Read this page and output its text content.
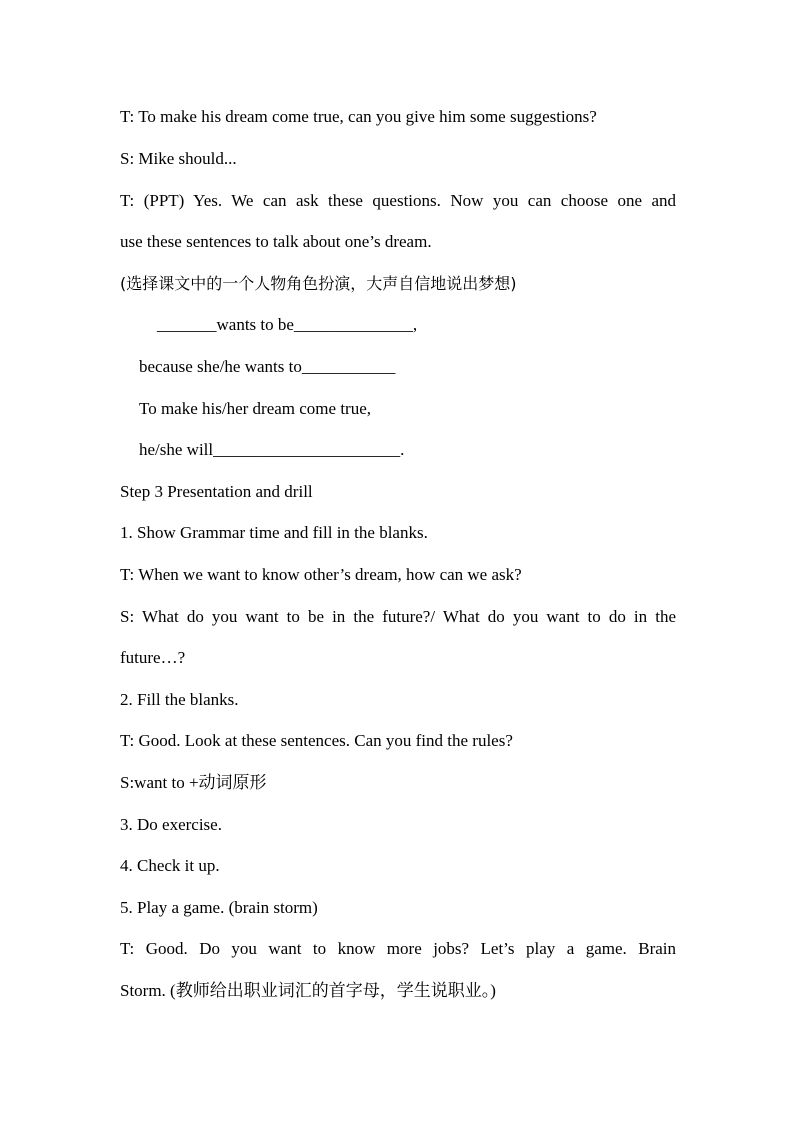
T: To make his dream come true, can you give him some suggestions?
S: Mike should...
T: (PPT) Yes. We can ask these questions. Now you can choose one and
use these sentences to talk about one’s dream.
(选择课文中的一个人物角色扮演，大声自信地说出梦想)
_______wants to be______________,
because she/he wants to___________
To make his/her dream come true,
he/she will______________________.
Step 3 Presentation and drill
1. Show Grammar time and fill in the blanks.
T: When we want to know other’s dream, how can we ask?
S: What do you want to be in the future?/ What do you want to do in the
future…?
2. Fill the blanks.
T: Good. Look at these sentences. Can you find the rules?
S:want to +动词原形
3. Do exercise.
4. Check it up.
5. Play a game. (brain storm)
T: Good. Do you want to know more jobs? Let’s play a game. Brain
Storm. (教师给出职业词汇的首字母，学生说职业。)
